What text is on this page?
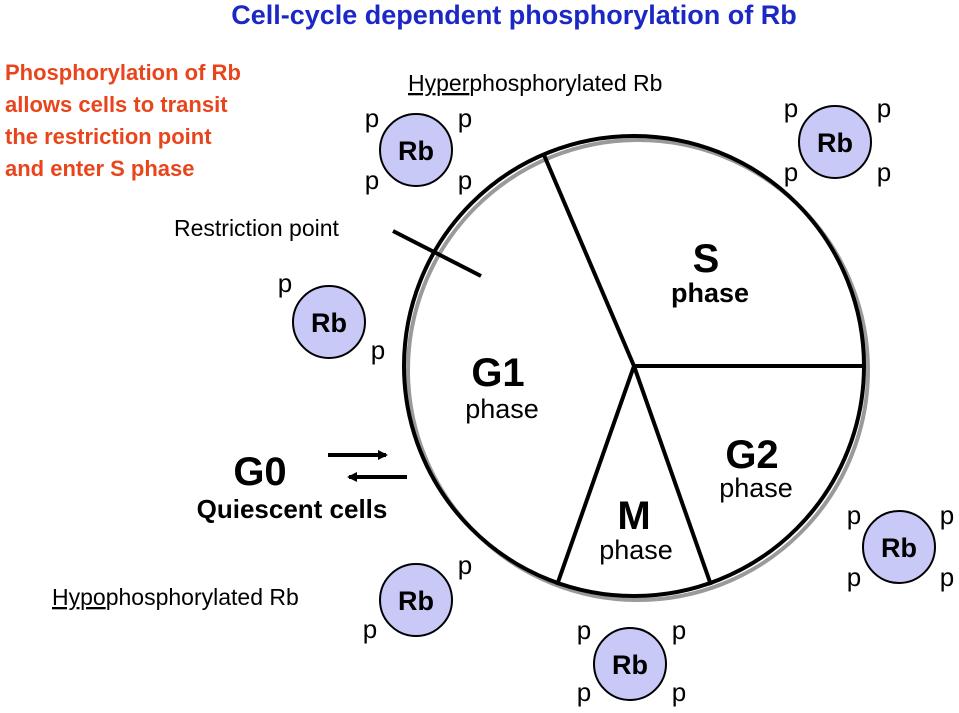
Cell-cycle dependent phosphorylation of Rb
Phosphorylation of Rb
allows cells to transit
the restriction point
and enter S phase
Restriction point
S
phase
G1
phase
G2
phase
M
phase
G0
Quiescent cells
Hyperphosphorylated Rb
Hypophosphorylated Rb
Rb
p
p
p
p
Rb
p
p
p
p
Rb
p
p
Rb
p
p
Rb
p
p
p
p
Rb
p
p
p
p
